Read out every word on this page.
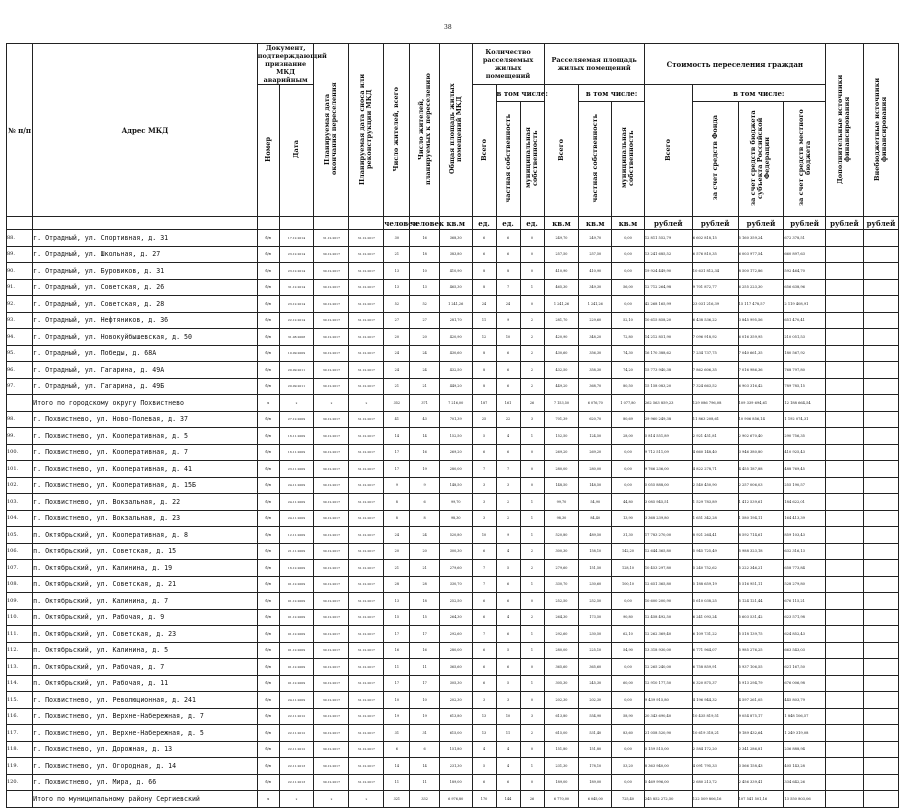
38
№ п/п	Адрес МКД	Документ, подтверждающий признание МКД аварийным		Планируемая дата окончания переселения	Планируемая дата сноса или реконструкции МКД	Число жителей, всего	Число жителей, планируемых к переселению	Общая площадь жилых помещений МКД	Количество расселяемых жилых помещений			Расселяемая площадь жилых помещений			Стоимость переселения граждан				Дополнительные источники финансирования	Внебюджетные источники финансирования
		Номер	Дата						Всего	в том числе:		Всего	в том числе:		Всего	в том числе:				
										частная собственность	муниципальная собственность		частная собственность	муниципальная собственность		за счет средств Фонда	за счет средств бюджета субъекта Российской Федерации	за счет средств местного бюджета		
						человек	человек	кв.м	ед.	ед.	ед.	кв.м	кв.м	кв.м	рублей	рублей	рублей	рублей	рублей	рублей
88.	г. Отрадный, ул. Спортивная, д. 31	б/н	17.12.2014	31.12.2017	31.12.2017	30	16	368,30	6	6	0	249,70	249,70	0,00	12 811 552,79	6 602 818,15	5 160 359,24	672 378,51		
89.	г. Отрадный, ул. Школьная, д. 27	б/н	23.12.2014	30.12.2017	31.12.2017	21	18	383,80	6	6	0	257,50	257,50	0,00	13 241 685,52	6 576 810,35	6 003 977,54	660 897,63		
90.	г. Отрадный, ул. Буровиков, д. 31	б/н	23.12.2014	30.12.2017	31.12.2017	13	10	410,90	8	8	0	410,90	410,90	0,00	19 924 449,90	10 631 812,34	8 500 172,86	592 464,70		
91.	г. Отрадный, ул. Советская, д. 26	б/н	31.12.2014	30.12.2017	31.12.2017	13	13	465,30	8	7	1	465,30	349,30	56,00	12 712 264,98	9 701 872,77	6 255 223,30	656 638,96		
92.	г. Отрадный, ул. Советская, д. 28	б/н	23.12.2014	30.12.2017	31.12.2017	52	52	1 241,26	24	24	0	1 241,26	1 241,26	0,00	42 268 165,99	23 031 216,39	15 117 478,57	2 119 408,91		
93.	г. Отрадный, ул. Нефтяников, д. 36	б/н	22.12.2014	30.12.2017	31.12.2017	27	27	281,70	11	9	2	281,70	229,60	52,10	10 615 858,20	6 438 536,22	3 845 995,56	651 470,41		
94.	г. Отрадный, ул. Новокуйбышевская, д. 50	б/н	31.08.2008	30.12.2017	31.12.2017	20	20	420,90	12	10	2	420,90	348,20	72,80	14 212 851,90	7 096 918,92	6 016 359,95	210 051,53		
95.	г. Отрадный, ул. Победы, д. 68А	б/н	10.09.2009	30.12.2017	31.12.2017	24	24	430,60	8	6	2	430,60	356,30	74,30	16 170 388,62	7 234 737,75	7 040 661,35	180 567,92		
96.	г. Отрадный, ул. Гагарина, д. 49А	б/н	20.09.2011	30.12.2017	31.12.2017	24	24	432,50	8	6	2	432,50	358,30	74,20	15 773 940,38	7 862 606,35	7 016 986,36	768 797,80		
97.	г. Отрадный, ул. Гагарина, д. 49Б	б/н	20.09.2011	30.12.2017	31.12.2017	21	21	449,20	8	6	2	449,20	368,70	80,50	15 158 083,20	7 324 663,52	6 903 316,42	789 785,15		
	Итого по городскому округу Похвистнево	x	x	x	x	352	371	7 216,00	187	161	26	7 153,50	6 076,70	1 077,80	262 563 859,23	129 086 796,08	109 339 694,61	12 188 664,54		
98.	г. Похвистнево, ул. Ново-Полевая, д. 37	б/н	27.12.2009	30.12.2017	31.12.2017	41	43	701,39	25	22	3	701,39	620,70	80,69	29 960 249,38	11 863 208,61	10 906 856,14	1 192 074,31		
99.	г. Похвистнево, ул. Кооперативная, д. 5	б/н	16.11.2009	30.12.2017	31.12.2017	14	14	152,50	5	4	1	152,50	124,50	28,00	5 814 551,89	2 921 451,81	2 902 670,40	290 756,35		
100.	г. Похвистнево, ул. Кооперативная, д. 7	б/н	16.11.2009	30.12.2017	31.12.2017	17	16	269,20	6	6	0	269,20	269,20	0,00	9 712 511,09	4 660 148,40	3 946 380,80	410 925,43		
101.	г. Похвистнево, ул. Кооперативная, д. 41	б/н	23.11.2009	30.12.2017	31.12.2017	17	19	280,00	7	7	0	280,00	280,00	0,00	9 766 236,00	4 822 278,71	4 455 187,88	488 769,45		
102.	г. Похвистнево, ул. Кооперативная, д. 15Б	б/н	24.11.2009	30.12.2017	31.12.2017	9	9	148,50	3	3	0	148,50	148,50	0,00	5 055 888,00	2 540 450,90	2 257 006,03	255 190,57		
103.	г. Похвистнево, ул. Вокзальная, д. 22	б/н	24.11.2009	30.12.2017	31.12.2017	8	6	99,70	3	2	1	99,70	54,90	44,80	3 085 945,51	1 529 783,89	1 412 539,61	184 622,01		
104.	г. Похвистнево, ул. Вокзальная, д. 23	б/н	24.11.2009	30.12.2017	31.12.2017	8	8	98,30	3	2	1	98,30	84,40	13,90	3 368 239,80	1 651 342,28	1 580 194,11	164 413,39		
105.	п. Октябрьский, ул. Кооперативная, д. 8	б/н	12.11.2009	30.12.2017	31.12.2017	24	24	520,80	10	9	1	520,80	489,50	31,30	17 783 270,00	8 921 264,41	8 592 714,61	859 103,43		
106.	п. Октябрьский, ул. Советская, д. 15	б/н	21.11.2009	30.12.2017	31.12.2017	20	20	300,30	6	4	2	300,30	158,10	142,20	12 644 365,80	5 945 725,49	5 988 323,18	632 316,13		
107.	п. Октябрьский, ул. Калинина, д. 19	б/н	16.12.2009	30.12.2017	31.12.2017	21	21	279,60	7	5	2	279,60	151,50	128,10	10 453 297,80	5 240 752,62	5 222 346,21	658 773,84		
108.	п. Октябрьский, ул. Советская, д. 21	б/н	01.12.2009	30.12.2017	31.12.2017	28	28	330,70	7	6	1	330,70	230,60	100,10	12 651 365,80	5 188 659,19	5 516 951,11	528 279,80		
109.	п. Октябрьский, ул. Калинина, д. 7	б/н	01.12.2009	30.12.2017	31.12.2017	13	18	252,50	6	6	0	252,50	252,50	0,00	10 600 200,90	5 610 038,25	5 124 121,44	676 115,21		
110.	п. Октябрьский, ул. Рабочая, д. 9	б/н	01.12.2009	30.12.2017	31.12.2017	15	15	264,30	6	4	2	264,30	173,50	90,80	12 458 492,50	6 241 093,24	5 603 531,42	623 571,98		
111.	п. Октябрьский, ул. Советская, д. 23	б/н	01.12.2009	30.12.2017	31.12.2017	17	17	292,60	7	6	1	292,60	230,50	62,10	12 262 369,40	6 109 731,22	5 518 139,75	624 852,43		
112.	п. Октябрьский, ул. Калинина, д. 5	б/н	01.12.2009	30.12.2017	31.12.2017	16	16	280,00	6	5	1	280,00	225,10	54,90	13 318 930,00	6 771 964,07	5 985 276,25	663 543,03		
113.	п. Октябрьский, ул. Рабочая, д. 7	б/н	01.12.2009	30.12.2017	31.12.2017	11	11	365,60	6	6	0	365,60	365,60	0,00	12 265 240,00	6 758 859,91	5 937 106,55	621 167,50		
114.	п. Октябрьский, ул. Рабочая, д. 11	б/н	01.12.2009	30.12.2017	31.12.2017	17	17	305,30	6	5	1	305,30	245,30	60,00	12 910 177,50	6 320 875,37	5 913 294,79	676 006,98		
115.	г. Похвистнево, ул. Революционная, д. 241	б/н	24.11.2009	30.12.2017	31.12.2017	10	10	202,30	3	3	0	202,30	202,30	0,00	9 439 915,80	4 196 944,32	4 597 261,05	445 803,79		
116.	г. Похвистнево, ул. Верхне-Набережная, д. 7	б/н	22.11.2012	30.12.2017	31.12.2017	19	19	613,80	13	10	3	613,80	554,90	58,90	20 343 690,40	10 435 819,51	9 054 875,17	1 848 106,57		
117.	г. Похвистнево, ул. Верхне-Набережная, д. 5	б/н	22.11.2012	30.12.2017	31.12.2017	31	31	615,00	13	11	2	615,00	531,40	83,60	21 058 520,90	10 619 318,21	9 189 432,64	1 249 319,08		
118.	г. Похвистнево, ул. Дорожная, д. 13	б/н	22.11.2012	30.12.2017	31.12.2017	6	6	151,80	4	4	0	151,80	151,80	0,00	5 159 515,00	2 584 172,20	2 341 286,81	236 888,94		
119.	г. Похвистнево, ул. Огородная, д. 14	б/н	22.11.2013	30.12.2017	31.12.2017	14	14	231,30	5	4	1	231,30	178,10	53,20	8 363 940,00	4 091 795,33	3 566 158,43	405 143,28		
120.	г. Похвистнево, ул. Мира, д. 66	б/н	22.11.2013	30.12.2017	31.12.2017	11	11	189,00	6	6	0	189,00	189,00	0,00	5 469 996,00	2 680 213,72	2 456 339,41	334 642,26		
	Итого по муниципальному району Сергиевский	x	x	x	x	321	332	6 976,80	170	144	26	6 770,00	6 045,00	725,40	245 852 272,50	122 509 806,16	107 541 501,16	13 550 803,06		
